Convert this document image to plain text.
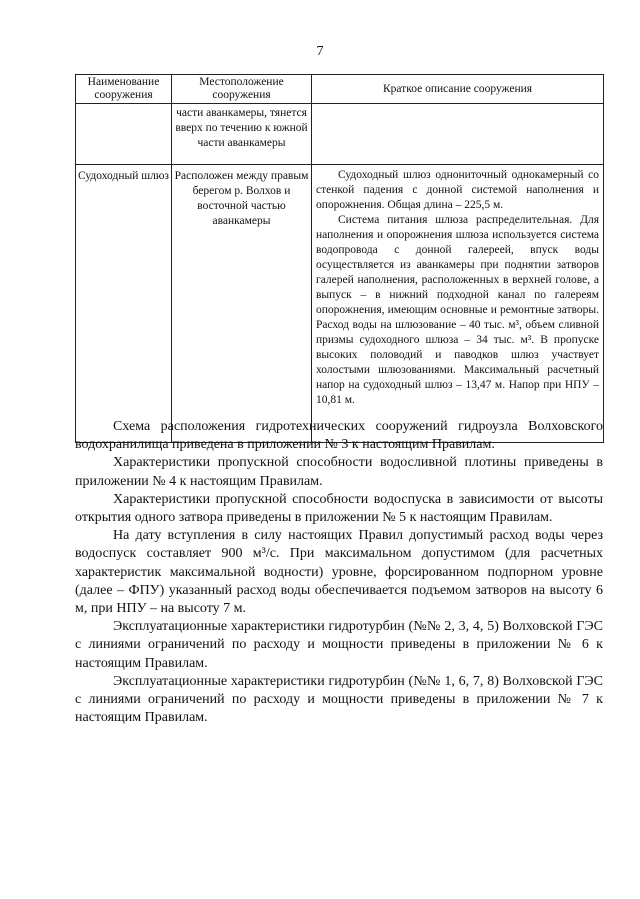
7
Наименование сооружения	Местоположение сооружения	Краткое описание сооружения
	части аванкамеры, тянется вверх по течению к южной части аванкамеры	
Судоходный шлюз	Расположен между правым берегом р. Волхов и восточной частью аванкамеры	Судоходный шлюз однониточный однокамерный со стенкой падения с донной системой наполнения и опорожнения. Общая длина – 225,5 м.

Система питания шлюза распределительная. Для наполнения и опорожнения шлюза используется система водопровода с донной галереей, впуск воды осуществляется из аванкамеры при поднятии затворов галерей наполнения, расположенных в верхней голове, а выпуск – в нижний подходной канал по галереям опорожнения, имеющим основные и ремонтные затворы. Расход воды на шлюзование – 40 тыс. м³, объем сливной призмы судоходного шлюза – 34 тыс. м³. В пропуске высоких половодий и паводков шлюз участвует холостыми шлюзованиями. Максимальный расчетный напор на судоходный шлюз – 13,47 м. Напор при НПУ – 10,81 м.

Схема расположения гидротехнических сооружений гидроузла Волховского водохранилища приведена в приложении № 3 к настоящим Правилам.

Характеристики пропускной способности водосливной плотины приведены в приложении № 4 к настоящим Правилам.

Характеристики пропускной способности водоспуска в зависимости от высоты открытия одного затвора приведены в приложении № 5 к настоящим Правилам.

На дату вступления в силу настоящих Правил допустимый расход воды через водоспуск составляет 900 м³/с. При максимальном допустимом (для расчетных характеристик максимальной водности) уровне, форсированном подпорном уровне (далее – ФПУ) указанный расход воды обеспечивается подъемом затворов на высоту 6 м, при НПУ – на высоту 7 м.

Эксплуатационные характеристики гидротурбин (№№ 2, 3, 4, 5) Волховской ГЭС с линиями ограничений по расходу и мощности приведены в приложении № 6 к настоящим Правилам.

Эксплуатационные характеристики гидротурбин (№№ 1, 6, 7, 8) Волховской ГЭС с линиями ограничений по расходу и мощности приведены в приложении № 7 к настоящим Правилам.
